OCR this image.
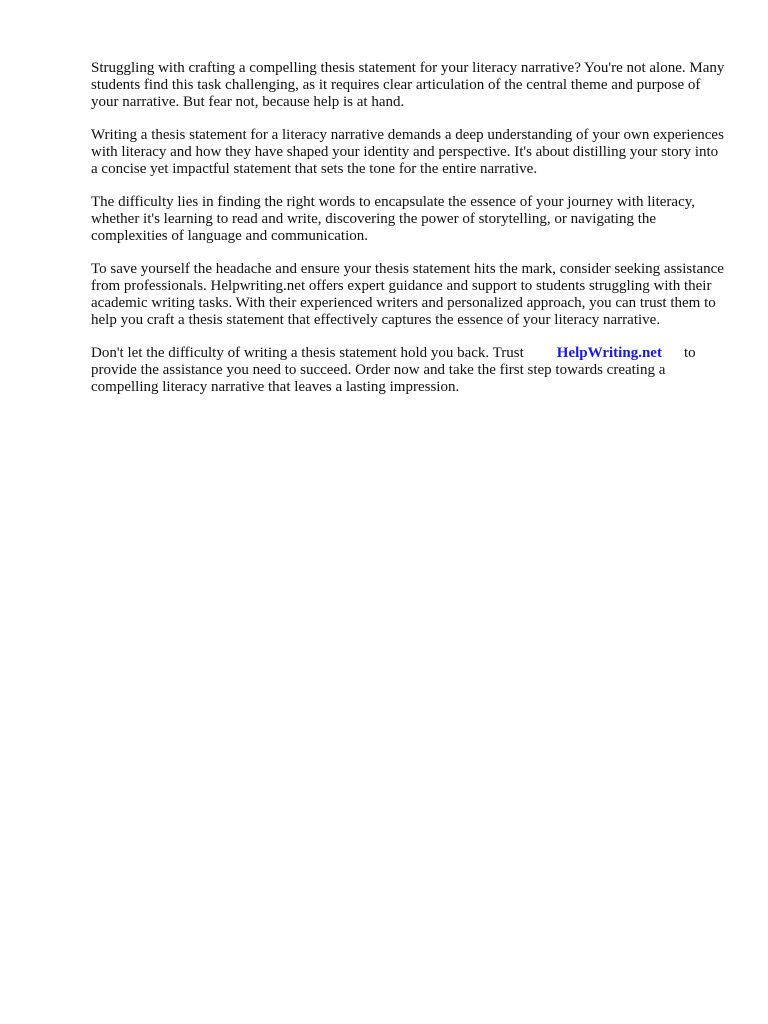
Struggling with crafting a compelling thesis statement for your literacy narrative? You're not alone. Many students find this task challenging, as it requires clear articulation of the central theme and purpose of your narrative. But fear not, because help is at hand.

Writing a thesis statement for a literacy narrative demands a deep understanding of your own experiences with literacy and how they have shaped your identity and perspective. It's about distilling your story into a concise yet impactful statement that sets the tone for the entire narrative.

The difficulty lies in finding the right words to encapsulate the essence of your journey with literacy, whether it's learning to read and write, discovering the power of storytelling, or navigating the complexities of language and communication.

To save yourself the headache and ensure your thesis statement hits the mark, consider seeking assistance from professionals. Helpwriting.net offers expert guidance and support to students struggling with their academic writing tasks. With their experienced writers and personalized approach, you can trust them to help you craft a thesis statement that effectively captures the essence of your literacy narrative.

Don't let the difficulty of writing a thesis statement hold you back. Trust HelpWriting.net to provide the assistance you need to succeed. Order now and take the first step towards creating a compelling literacy narrative that leaves a lasting impression.
